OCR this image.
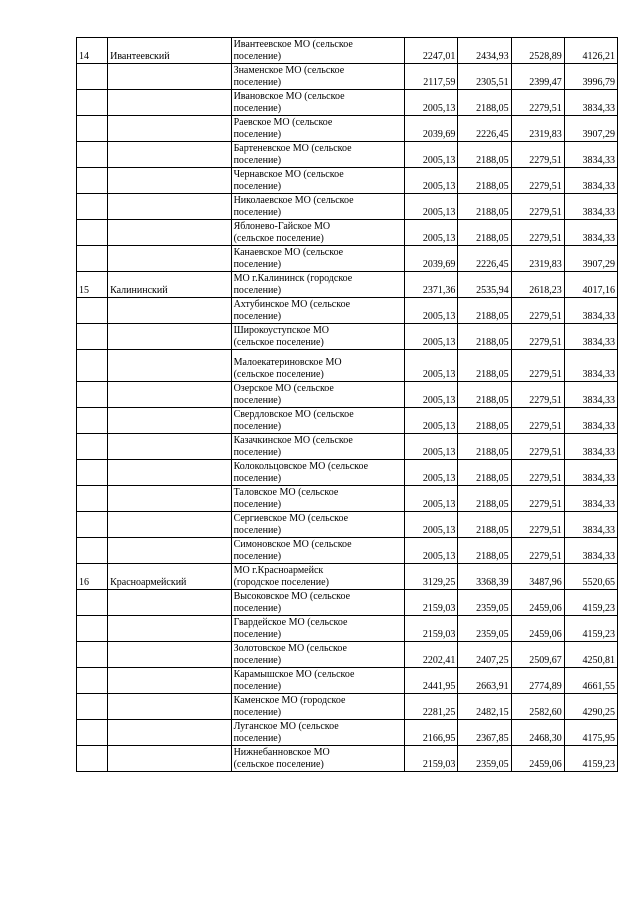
14	Ивантеевский	Ивантеевское МО (сельское
поселение)	2247,01	2434,93	2528,89	4126,21
		Знаменское МО (сельское
поселение)	2117,59	2305,51	2399,47	3996,79
		Ивановское МО (сельское
поселение)	2005,13	2188,05	2279,51	3834,33
		Раевское МО (сельское
поселение)	2039,69	2226,45	2319,83	3907,29
		Бартеневское МО (сельское
поселение)	2005,13	2188,05	2279,51	3834,33
		Чернавское МО (сельское
поселение)	2005,13	2188,05	2279,51	3834,33
		Николаевское МО (сельское
поселение)	2005,13	2188,05	2279,51	3834,33
		Яблонево-Гайское МО
(сельское поселение)	2005,13	2188,05	2279,51	3834,33
		Канаевское МО (сельское
поселение)	2039,69	2226,45	2319,83	3907,29
15	Калининский	МО г.Калининск (городское
поселение)	2371,36	2535,94	2618,23	4017,16
		Ахтубинское МО (сельское
поселение)	2005,13	2188,05	2279,51	3834,33
		Широкоуступское МО
(сельское поселение)	2005,13	2188,05	2279,51	3834,33
		Малоекатериновское МО
(сельское поселение)	2005,13	2188,05	2279,51	3834,33
		Озерское МО (сельское
поселение)	2005,13	2188,05	2279,51	3834,33
		Свердловское МО (сельское
поселение)	2005,13	2188,05	2279,51	3834,33
		Казачкинское МО (сельское
поселение)	2005,13	2188,05	2279,51	3834,33
		Колокольцовское МО (сельское
поселение)	2005,13	2188,05	2279,51	3834,33
		Таловское МО (сельское
поселение)	2005,13	2188,05	2279,51	3834,33
		Сергиевское МО (сельское
поселение)	2005,13	2188,05	2279,51	3834,33
		Симоновское МО (сельское
поселение)	2005,13	2188,05	2279,51	3834,33
16	Красноармейский	МО г.Красноармейск
(городское поселение)	3129,25	3368,39	3487,96	5520,65
		Высоковское МО (сельское
поселение)	2159,03	2359,05	2459,06	4159,23
		Гвардейское МО (сельское
поселение)	2159,03	2359,05	2459,06	4159,23
		Золотовское МО (сельское
поселение)	2202,41	2407,25	2509,67	4250,81
		Карамышское МО (сельское
поселение)	2441,95	2663,91	2774,89	4661,55
		Каменское МО (городское
поселение)	2281,25	2482,15	2582,60	4290,25
		Луганское МО (сельское
поселение)	2166,95	2367,85	2468,30	4175,95
		Нижнебанновское МО
(сельское поселение)	2159,03	2359,05	2459,06	4159,23
